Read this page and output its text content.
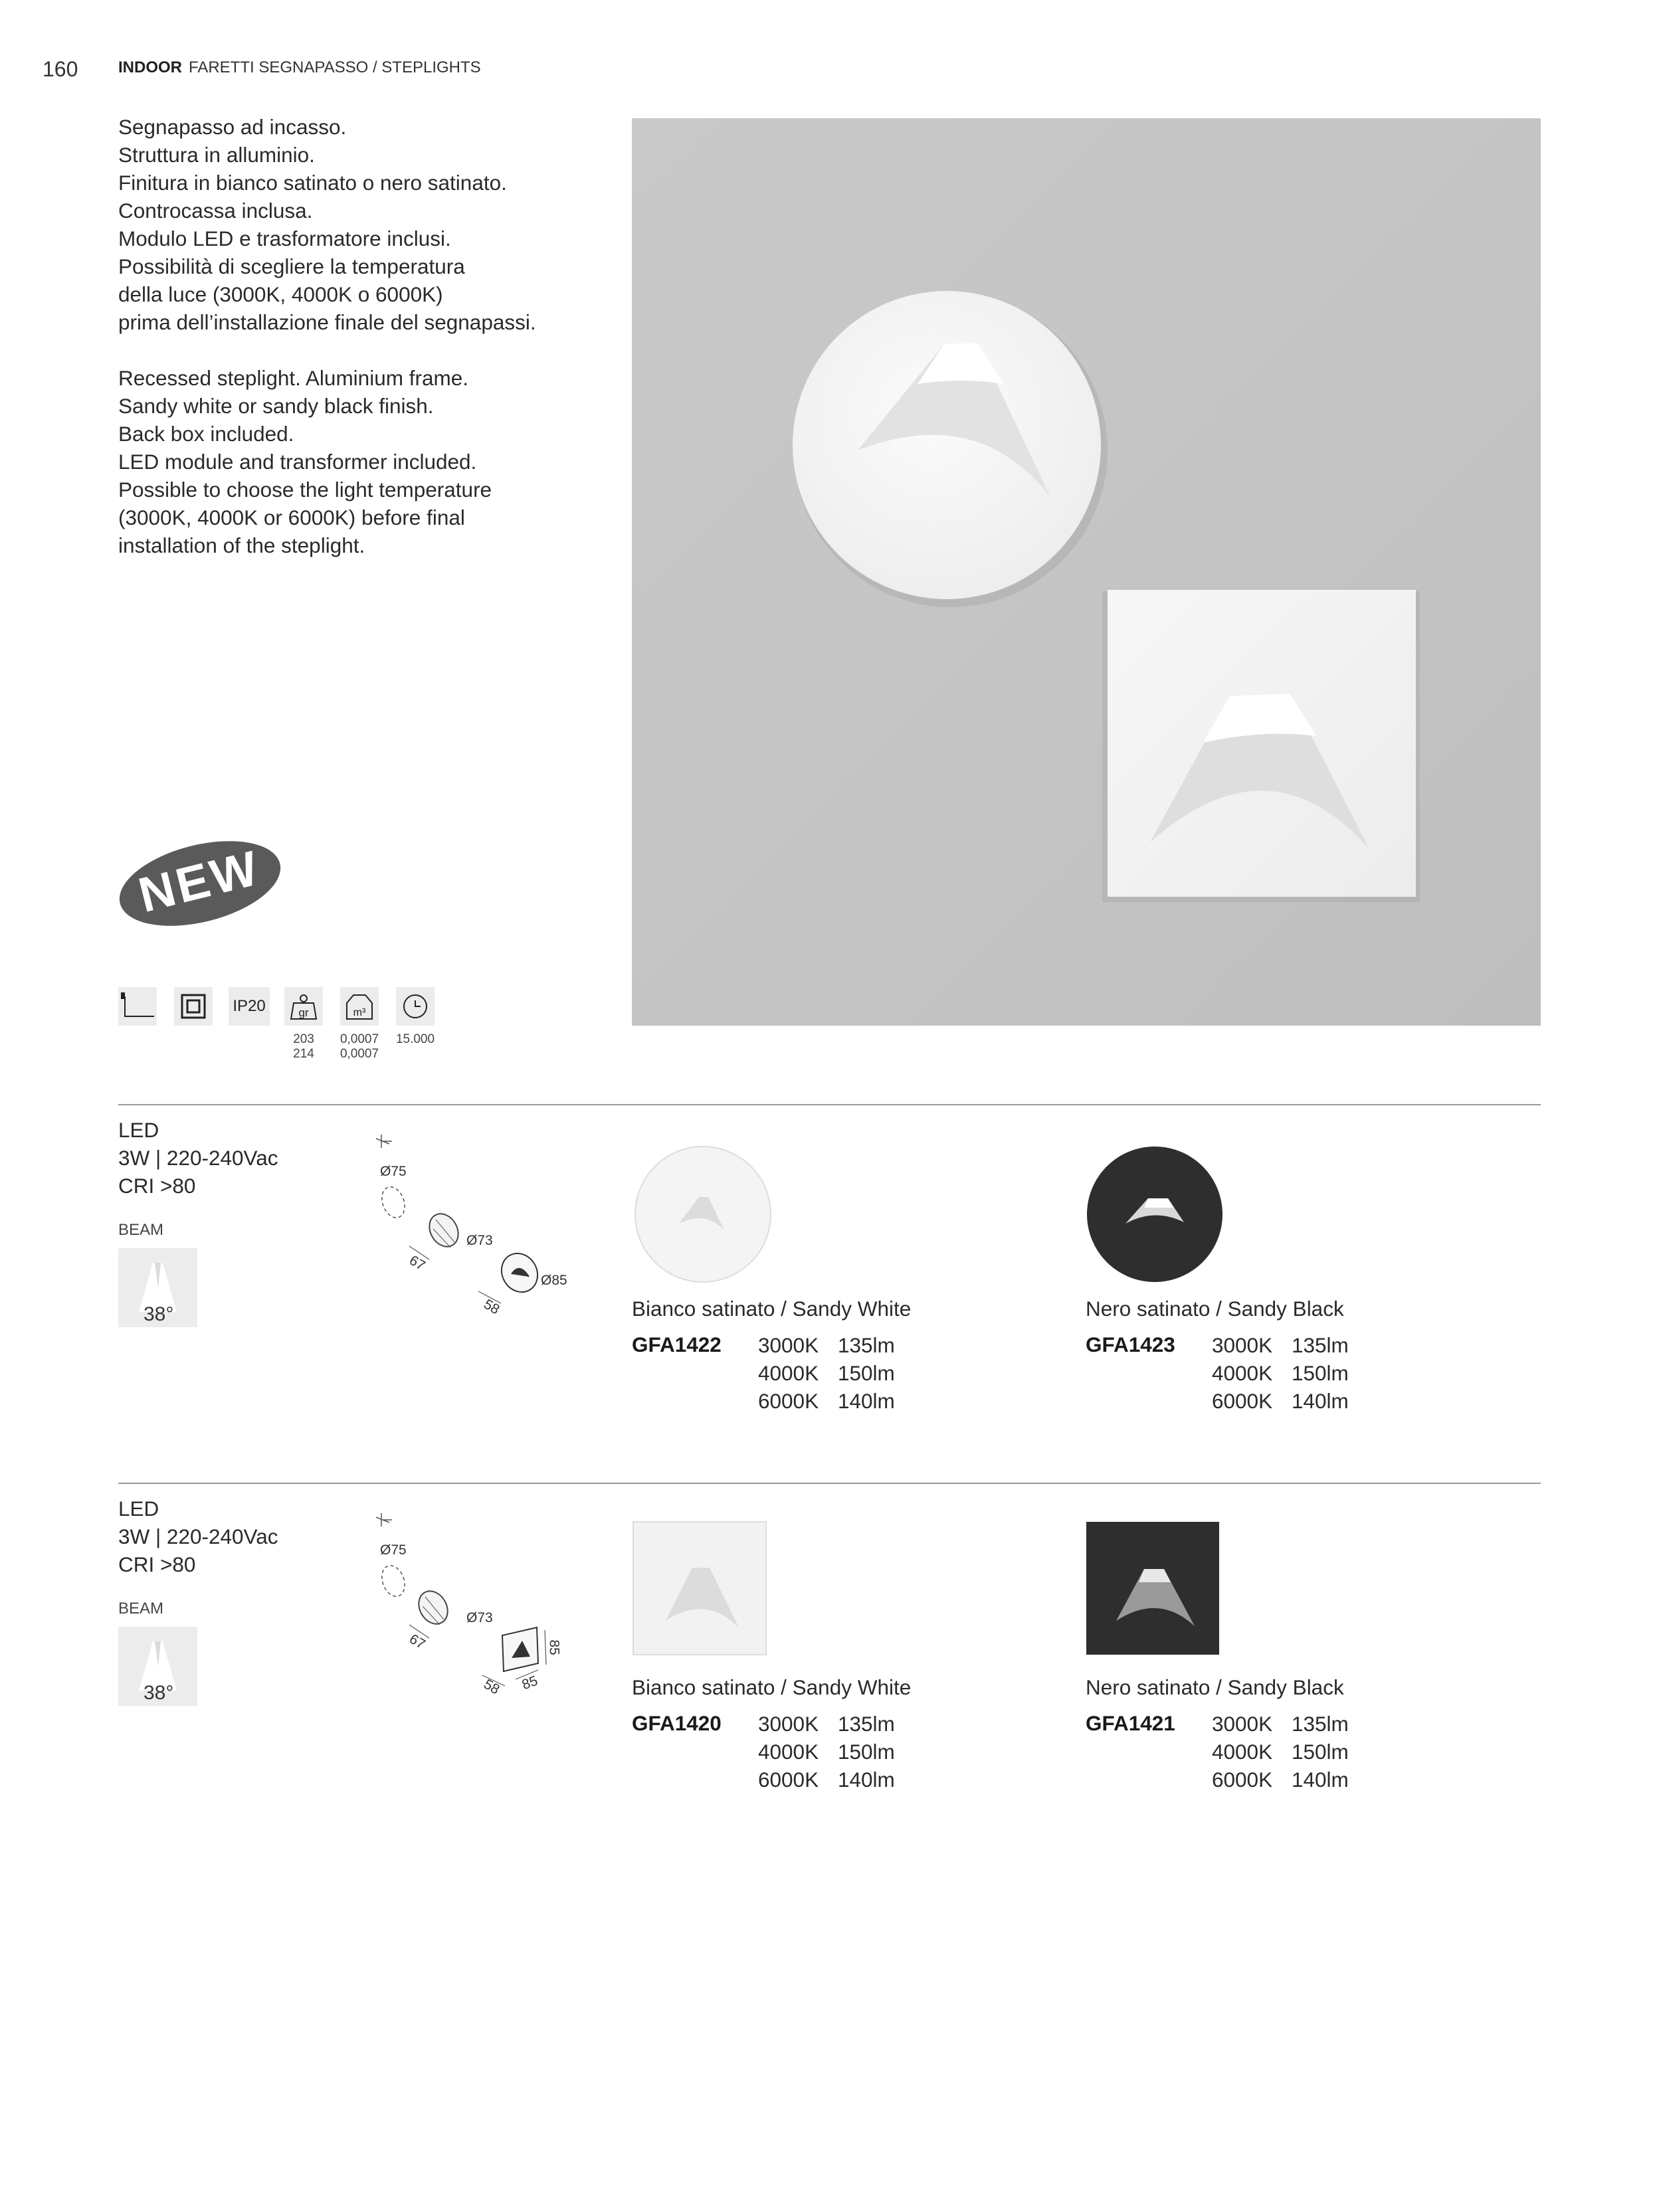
160	INDOOR FARETTI SEGNAPASSO / STEPLIGHTS
Segnapasso ad incasso.
Struttura in alluminio.
Finitura in bianco satinato o nero satinato.
Controcassa inclusa.
Modulo LED e trasformatore inclusi.
Possibilità di scegliere la temperatura
della luce (3000K, 4000K o 6000K)
prima dell’installazione finale del segnapassi.
Recessed steplight. Aluminium frame.
Sandy white or sandy black finish.
Back box included.
LED module and transformer included.
Possible to choose the light temperature
(3000K, 4000K or 6000K) before final
installation of the steplight.
NEW
IP20	gr	m³
203
214
0,0007
0,0007
15.000
LED
3W | 220-240Vac
CRI >80
BEAM
38°
Ø75
Ø73
67
Ø85
58	Bianco satinato / Sandy White
GFA1422 3000K 135lm
4000K 150lm
6000K 140lm
Nero satinato / Sandy Black
GFA1423 3000K 135lm
4000K 150lm
6000K 140lm
LED
3W | 220-240Vac
CRI >80
BEAM
38°
Ø75
Ø73
67	85
58 85	Bianco satinato / Sandy White
GFA1420 3000K 135lm
4000K 150lm
6000K 140lm
Nero satinato / Sandy Black
GFA1421 3000K 135lm
4000K 150lm
6000K 140lm
